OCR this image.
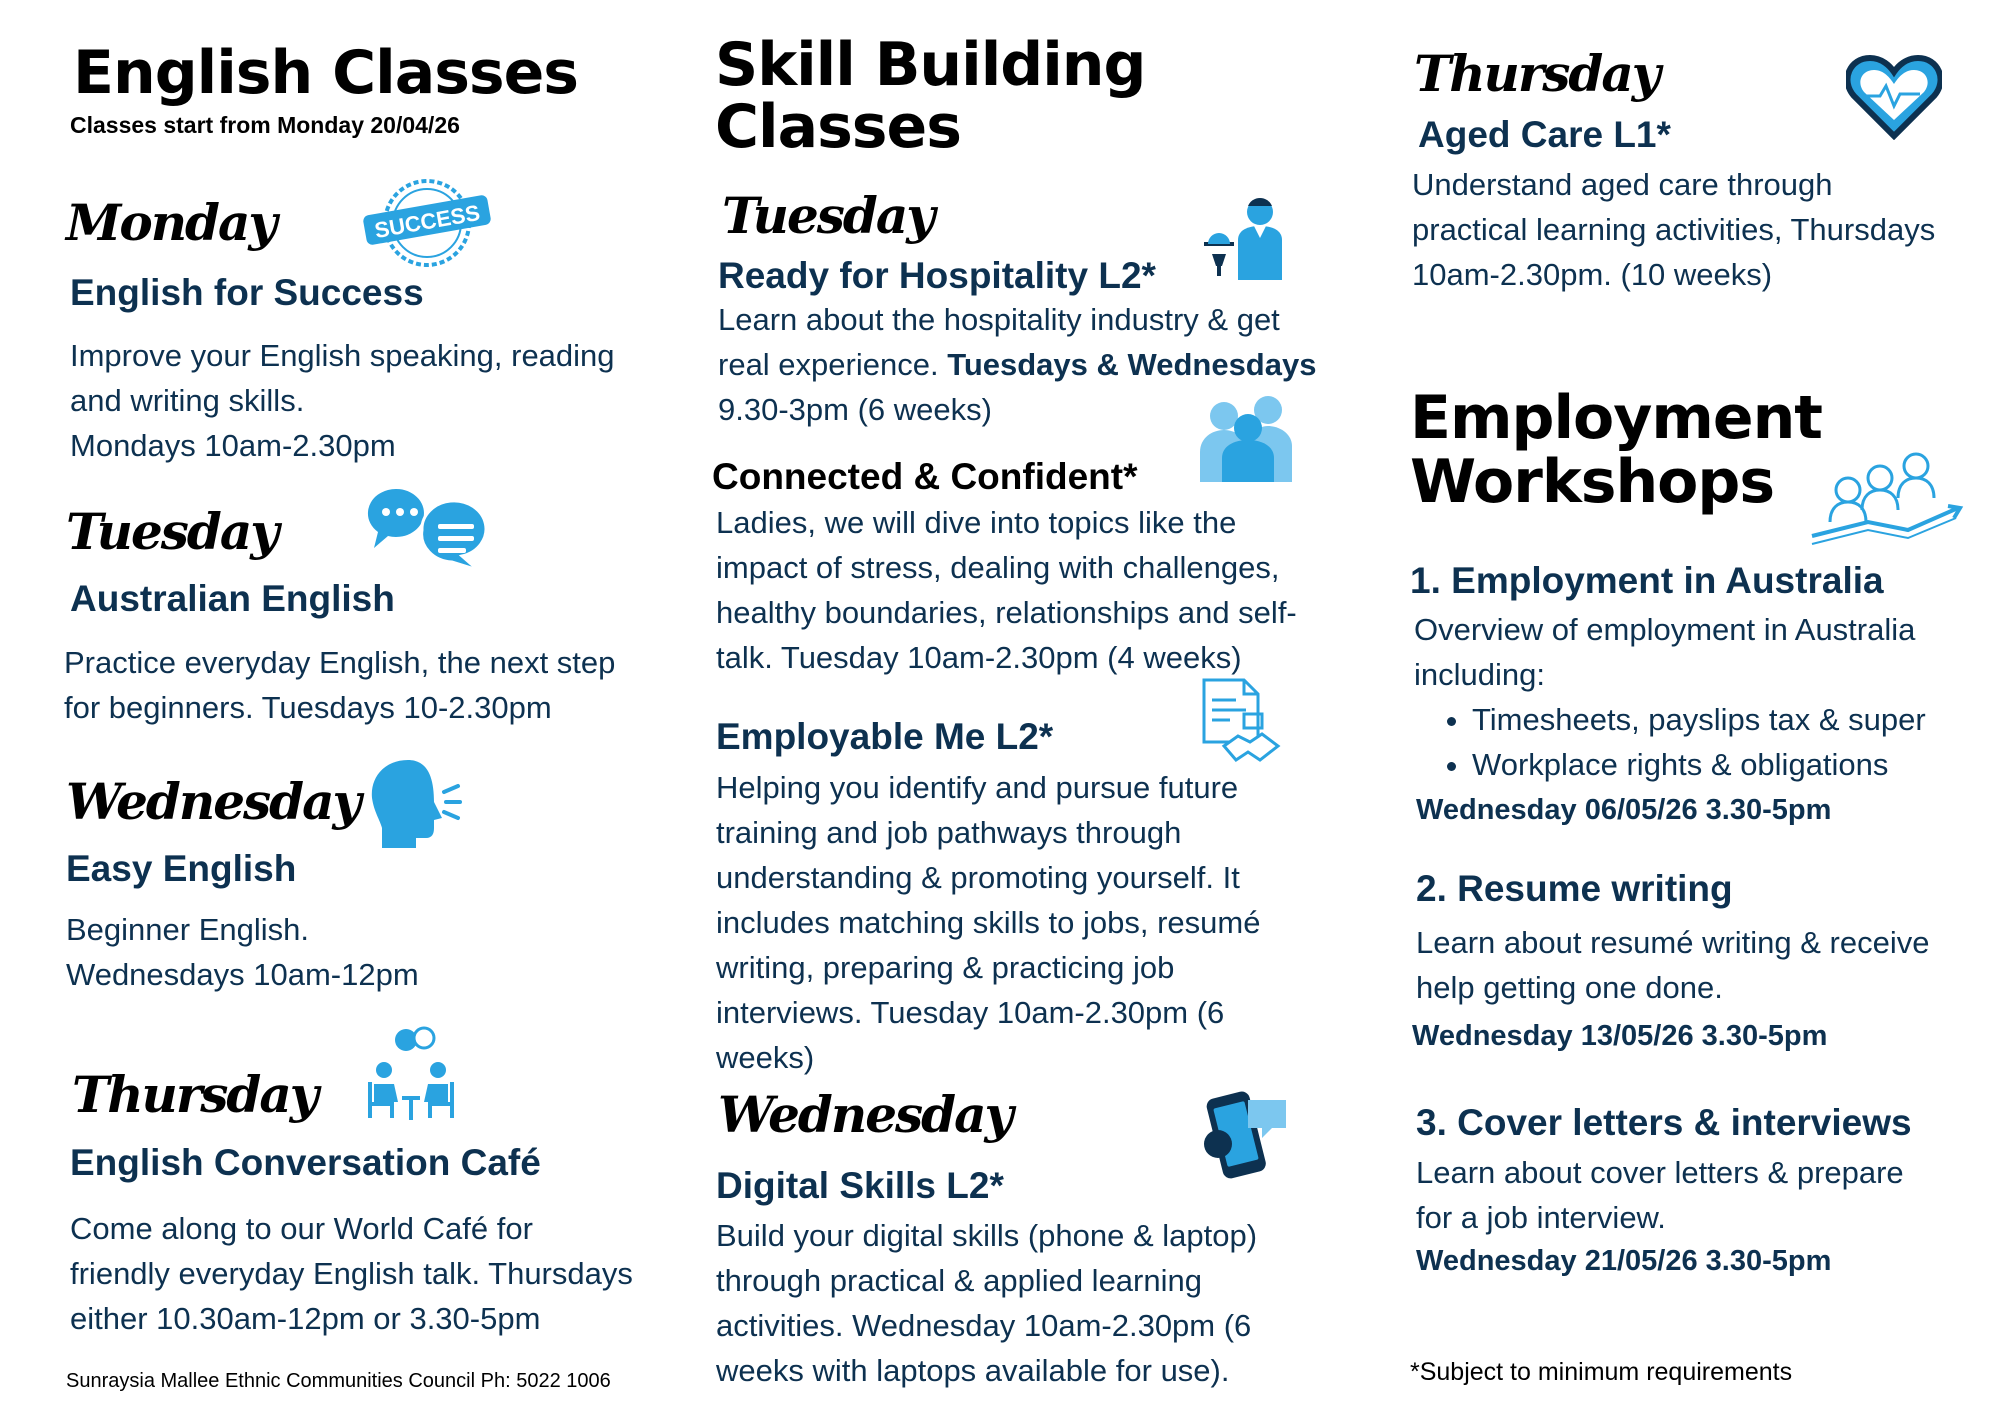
English Classes
Classes start from Monday 20/04/26
Monday	SUCCESS
English for Success
Improve your English speaking, reading
and writing skills.
Mondays 10am-2.30pm
Tuesday
Australian English
Practice everyday English, the next step
for beginners. Tuesdays 10-2.30pm
Wednesday
Easy English
Beginner English.
Wednesdays 10am-12pm
Thursday
English Conversation Café
Come along to our World Café for
friendly everyday English talk. Thursdays
either 10.30am-12pm or 3.30-5pm
Sunraysia Mallee Ethnic Communities Council Ph: 5022 1006
Skill Building
Classes
Tuesday
Ready for Hospitality L2*
Learn about the hospitality industry & get
real experience. Tuesdays & Wednesdays
9.30-3pm (6 weeks)
Connected & Confident*
Ladies, we will dive into topics like the
impact of stress, dealing with challenges,
healthy boundaries, relationships and self-
talk. Tuesday 10am-2.30pm (4 weeks)
Employable Me L2*
Helping you identify and pursue future
training and job pathways through
understanding & promoting yourself. It
includes matching skills to jobs, resumé
writing, preparing & practicing job
interviews. Tuesday 10am-2.30pm (6
weeks)
Wednesday
Digital Skills L2*
Build your digital skills (phone & laptop)
through practical & applied learning
activities. Wednesday 10am-2.30pm (6
weeks with laptops available for use).
Thursday
Aged Care L1*
Understand aged care through
practical learning activities, Thursdays
10am-2.30pm. (10 weeks)
Employment
Workshops
1. Employment in Australia
Overview of employment in Australia
including:
• Timesheets, payslips tax & super
• Workplace rights & obligations
Wednesday 06/05/26 3.30-5pm
2. Resume writing
Learn about resumé writing & receive
help getting one done.
Wednesday 13/05/26 3.30-5pm
3. Cover letters & interviews
Learn about cover letters & prepare
for a job interview.
Wednesday 21/05/26 3.30-5pm
*Subject to minimum requirements
